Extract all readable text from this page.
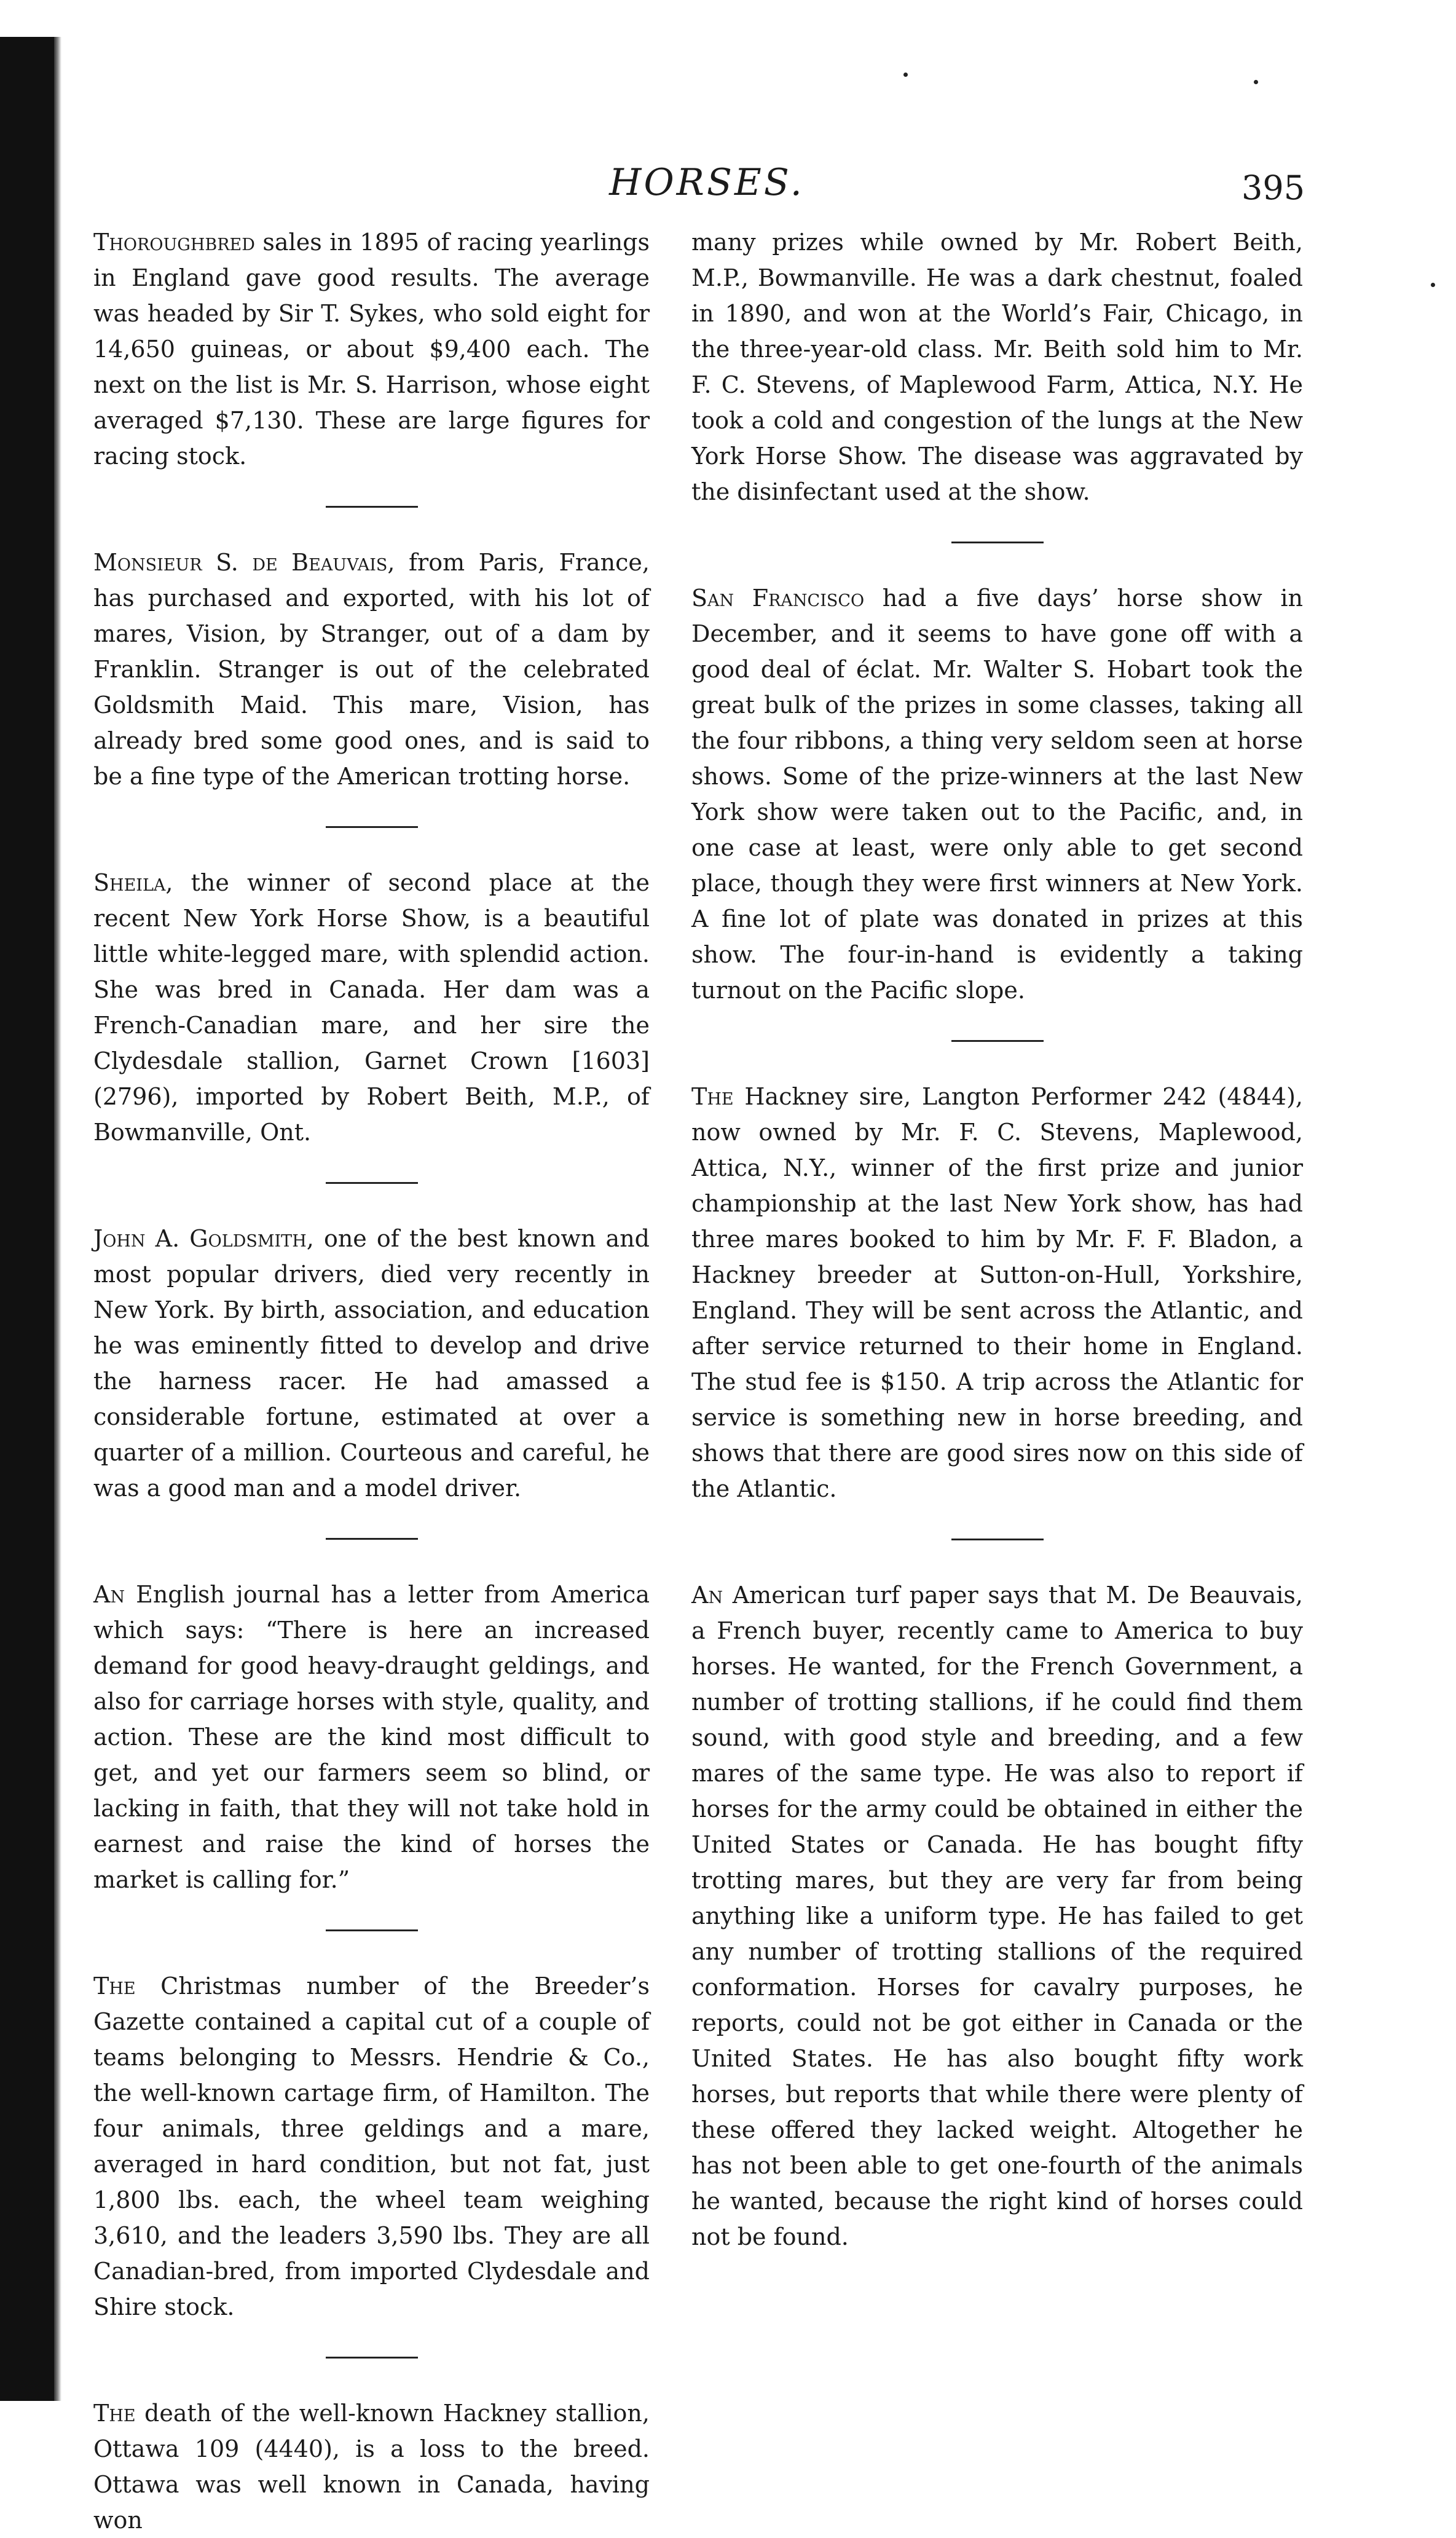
HORSES.	395

Thoroughbred sales in 1895 of racing yearlings in England gave good results. The average was headed by Sir T. Sykes, who sold eight for 14,650 guineas, or about $9,400 each. The next on the list is Mr. S. Harrison, whose eight averaged $7,130. These are large figures for racing stock.

Monsieur S. de Beauvais, from Paris, France, has purchased and exported, with his lot of mares, Vision, by Stranger, out of a dam by Franklin. Stranger is out of the celebrated Goldsmith Maid. This mare, Vision, has already bred some good ones, and is said to be a fine type of the American trotting horse.

Sheila, the winner of second place at the recent New York Horse Show, is a beautiful little white-legged mare, with splendid action. She was bred in Canada. Her dam was a French-Canadian mare, and her sire the Clydesdale stallion, Garnet Crown [1603] (2796), imported by Robert Beith, M.P., of Bowmanville, Ont.

John A. Goldsmith, one of the best known and most popular drivers, died very recently in New York. By birth, association, and education he was eminently fitted to develop and drive the harness racer. He had amassed a considerable fortune, estimated at over a quarter of a million. Courteous and careful, he was a good man and a model driver.

An English journal has a letter from America which says: “There is here an increased demand for good heavy-draught geldings, and also for carriage horses with style, quality, and action. These are the kind most difficult to get, and yet our farmers seem so blind, or lacking in faith, that they will not take hold in earnest and raise the kind of horses the market is calling for.”

The Christmas number of the Breeder’s Gazette contained a capital cut of a couple of teams belonging to Messrs. Hendrie & Co., the well-known cartage firm, of Hamilton. The four animals, three geldings and a mare, averaged in hard condition, but not fat, just 1,800 lbs. each, the wheel team weighing 3,610, and the leaders 3,590 lbs. They are all Canadian-bred, from imported Clydesdale and Shire stock.

The death of the well-known Hackney stallion, Ottawa 109 (4440), is a loss to the breed. Ottawa was well known in Canada, having won

many prizes while owned by Mr. Robert Beith, M.P., Bowmanville. He was a dark chestnut, foaled in 1890, and won at the World’s Fair, Chicago, in the three-year-old class. Mr. Beith sold him to Mr. F. C. Stevens, of Maplewood Farm, Attica, N.Y. He took a cold and congestion of the lungs at the New York Horse Show. The disease was aggravated by the disinfectant used at the show.

San Francisco had a five days’ horse show in December, and it seems to have gone off with a good deal of éclat. Mr. Walter S. Hobart took the great bulk of the prizes in some classes, taking all the four ribbons, a thing very seldom seen at horse shows. Some of the prize-winners at the last New York show were taken out to the Pacific, and, in one case at least, were only able to get second place, though they were first winners at New York. A fine lot of plate was donated in prizes at this show. The four-in-hand is evidently a taking turnout on the Pacific slope.

The Hackney sire, Langton Performer 242 (4844), now owned by Mr. F. C. Stevens, Maplewood, Attica, N.Y., winner of the first prize and junior championship at the last New York show, has had three mares booked to him by Mr. F. F. Bladon, a Hackney breeder at Sutton-on-Hull, Yorkshire, England. They will be sent across the Atlantic, and after service returned to their home in England. The stud fee is $150. A trip across the Atlantic for service is something new in horse breeding, and shows that there are good sires now on this side of the Atlantic.

An American turf paper says that M. De Beauvais, a French buyer, recently came to America to buy horses. He wanted, for the French Government, a number of trotting stallions, if he could find them sound, with good style and breeding, and a few mares of the same type. He was also to report if horses for the army could be obtained in either the United States or Canada. He has bought fifty trotting mares, but they are very far from being anything like a uniform type. He has failed to get any number of trotting stallions of the required conformation. Horses for cavalry purposes, he reports, could not be got either in Canada or the United States. He has also bought fifty work horses, but reports that while there were plenty of these offered they lacked weight. Altogether he has not been able to get one-fourth of the animals he wanted, because the right kind of horses could not be found.
